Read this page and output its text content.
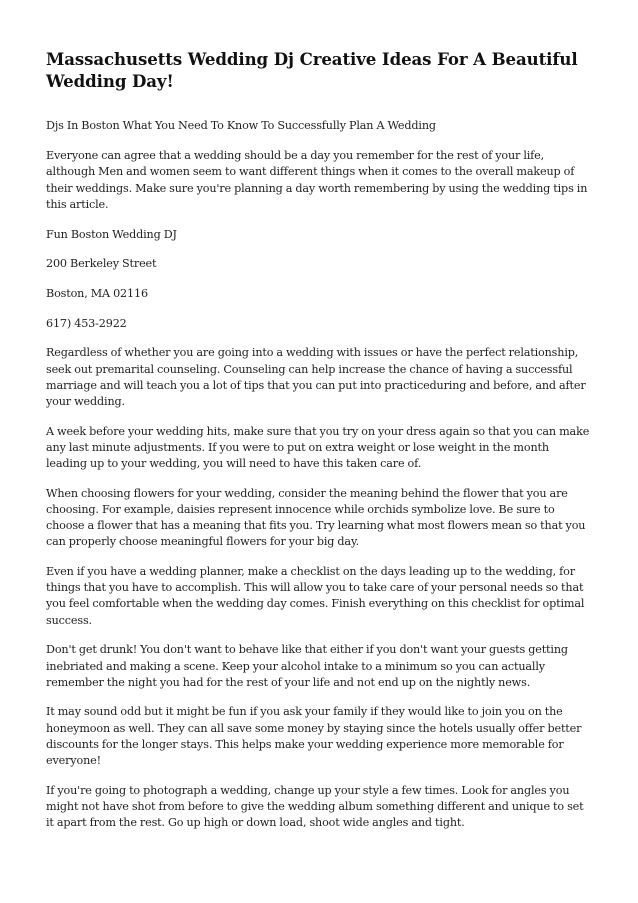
Massachusetts Wedding Dj Creative Ideas For A Beautiful Wedding Day!

Djs In Boston What You Need To Know To Successfully Plan A Wedding

Everyone can agree that a wedding should be a day you remember for the rest of your life, although Men and women seem to want different things when it comes to the overall makeup of their weddings. Make sure you're planning a day worth remembering by using the wedding tips in this article.

Fun Boston Wedding DJ

200 Berkeley Street

Boston, MA 02116

617) 453-2922

Regardless of whether you are going into a wedding with issues or have the perfect relationship, seek out premarital counseling. Counseling can help increase the chance of having a successful marriage and will teach you a lot of tips that you can put into practiceduring and before, and after your wedding.

A week before your wedding hits, make sure that you try on your dress again so that you can make any last minute adjustments. If you were to put on extra weight or lose weight in the month leading up to your wedding, you will need to have this taken care of.

When choosing flowers for your wedding, consider the meaning behind the flower that you are choosing. For example, daisies represent innocence while orchids symbolize love. Be sure to choose a flower that has a meaning that fits you. Try learning what most flowers mean so that you can properly choose meaningful flowers for your big day.

Even if you have a wedding planner, make a checklist on the days leading up to the wedding, for things that you have to accomplish. This will allow you to take care of your personal needs so that you feel comfortable when the wedding day comes. Finish everything on this checklist for optimal success.

Don't get drunk! You don't want to behave like that either if you don't want your guests getting inebriated and making a scene. Keep your alcohol intake to a minimum so you can actually remember the night you had for the rest of your life and not end up on the nightly news.

It may sound odd but it might be fun if you ask your family if they would like to join you on the honeymoon as well. They can all save some money by staying since the hotels usually offer better discounts for the longer stays. This helps make your wedding experience more memorable for everyone!

If you're going to photograph a wedding, change up your style a few times. Look for angles you might not have shot from before to give the wedding album something different and unique to set it apart from the rest. Go up high or down load, shoot wide angles and tight.
